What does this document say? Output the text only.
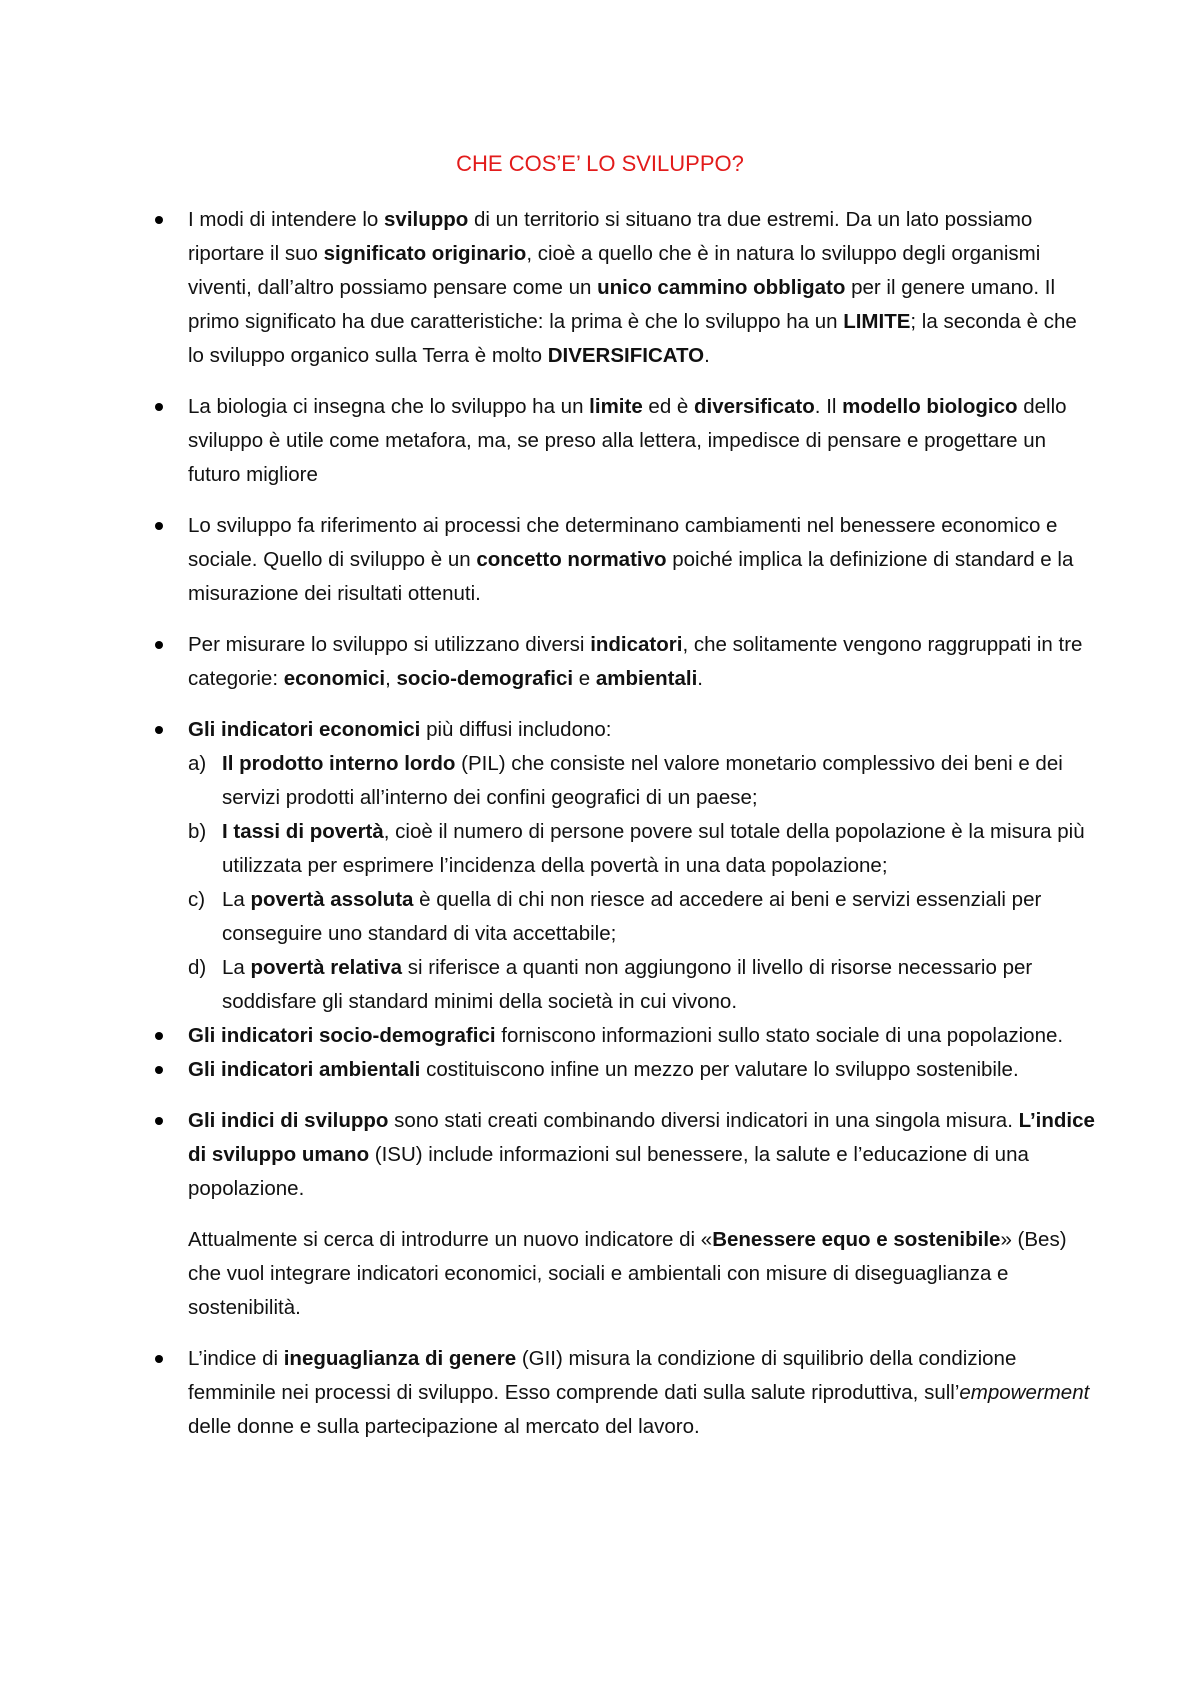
CHE COS’E’ LO SVILUPPO?
I modi di intendere lo sviluppo di un territorio si situano tra due estremi. Da un lato possiamo riportare il suo significato originario, cioè a quello che è in natura lo sviluppo degli organismi viventi, dall’altro possiamo pensare come un unico cammino obbligato per il genere umano. Il primo significato ha due caratteristiche: la prima è che lo sviluppo ha un LIMITE; la seconda è che lo sviluppo organico sulla Terra è molto DIVERSIFICATO.
La biologia ci insegna che lo sviluppo ha un limite ed è diversificato. Il modello biologico dello sviluppo è utile come metafora, ma, se preso alla lettera, impedisce di pensare e progettare un futuro migliore
Lo sviluppo fa riferimento ai processi che determinano cambiamenti nel benessere economico e sociale. Quello di sviluppo è un concetto normativo poiché implica la definizione di standard e la misurazione dei risultati ottenuti.
Per misurare lo sviluppo si utilizzano diversi indicatori, che solitamente vengono raggruppati in tre categorie: economici, socio-demografici e ambientali.
Gli indicatori economici più diffusi includono:
a) Il prodotto interno lordo (PIL) che consiste nel valore monetario complessivo dei beni e dei servizi prodotti all’interno dei confini geografici di un paese;
b) I tassi di povertà, cioè il numero di persone povere sul totale della popolazione è la misura più utilizzata per esprimere l’incidenza della povertà in una data popolazione;
c) La povertà assoluta è quella di chi non riesce ad accedere ai beni e servizi essenziali per conseguire uno standard di vita accettabile;
d) La povertà relativa si riferisce a quanti non aggiungono il livello di risorse necessario per soddisfare gli standard minimi della società in cui vivono.
Gli indicatori socio-demografici forniscono informazioni sullo stato sociale di una popolazione.
Gli indicatori ambientali costituiscono infine un mezzo per valutare lo sviluppo sostenibile.
Gli indici di sviluppo sono stati creati combinando diversi indicatori in una singola misura. L’indice di sviluppo umano (ISU) include informazioni sul benessere, la salute e l’educazione di una popolazione.
Attualmente si cerca di introdurre un nuovo indicatore di «Benessere equo e sostenibile» (Bes) che vuol integrare indicatori economici, sociali e ambientali con misure di diseguaglianza e sostenibilità.
L’indice di ineguaglianza di genere (GII) misura la condizione di squilibrio della condizione femminile nei processi di sviluppo. Esso comprende dati sulla salute riproduttiva, sull’empowerment delle donne e sulla partecipazione al mercato del lavoro.
